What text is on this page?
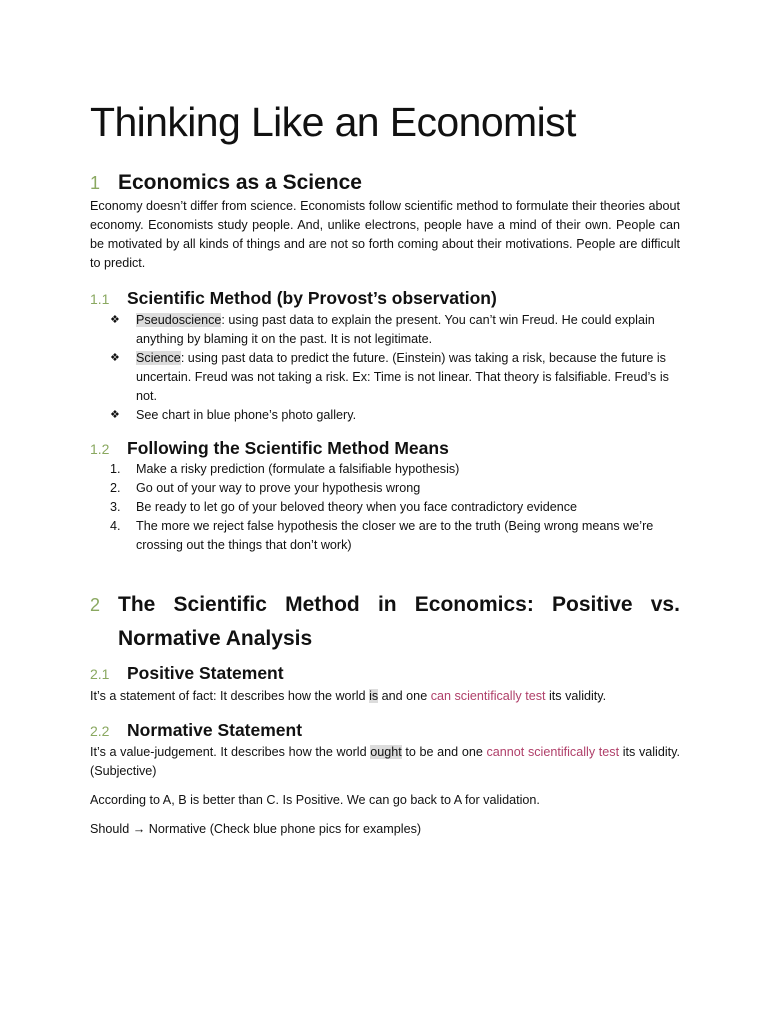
Thinking Like an Economist
1 Economics as a Science

Economy doesn’t differ from science. Economists follow scientific method to formulate their theories about economy. Economists study people. And, unlike electrons, people have a mind of their own. People can be motivated by all kinds of things and are not so forth coming about their motivations. People are difficult to predict.

1.1 Scientific Method (by Provost’s observation)
❖ Pseudoscience: using past data to explain the present. You can’t win Freud. He could explain anything by blaming it on the past. It is not legitimate.
❖ Science: using past data to predict the future. (Einstein) was taking a risk, because the future is uncertain. Freud was not taking a risk. Ex: Time is not linear. That theory is falsifiable. Freud’s is not.
❖ See chart in blue phone’s photo gallery.
1.2 Following the Scientific Method Means
1. Make a risky prediction (formulate a falsifiable hypothesis)
2. Go out of your way to prove your hypothesis wrong
3. Be ready to let go of your beloved theory when you face contradictory evidence
4. The more we reject false hypothesis the closer we are to the truth (Being wrong means we’re crossing out the things that don’t work)
2 The Scientific Method in Economics: Positive vs.
Normative Analysis
2.1 Positive Statement

It’s a statement of fact: It describes how the world is and one can scientifically test its validity.

2.2 Normative Statement

It’s a value-judgement. It describes how the world ought to be and one cannot scientifically test its validity. (Subjective)

According to A, B is better than C. Is Positive. We can go back to A for validation.

Should → Normative (Check blue phone pics for examples)
